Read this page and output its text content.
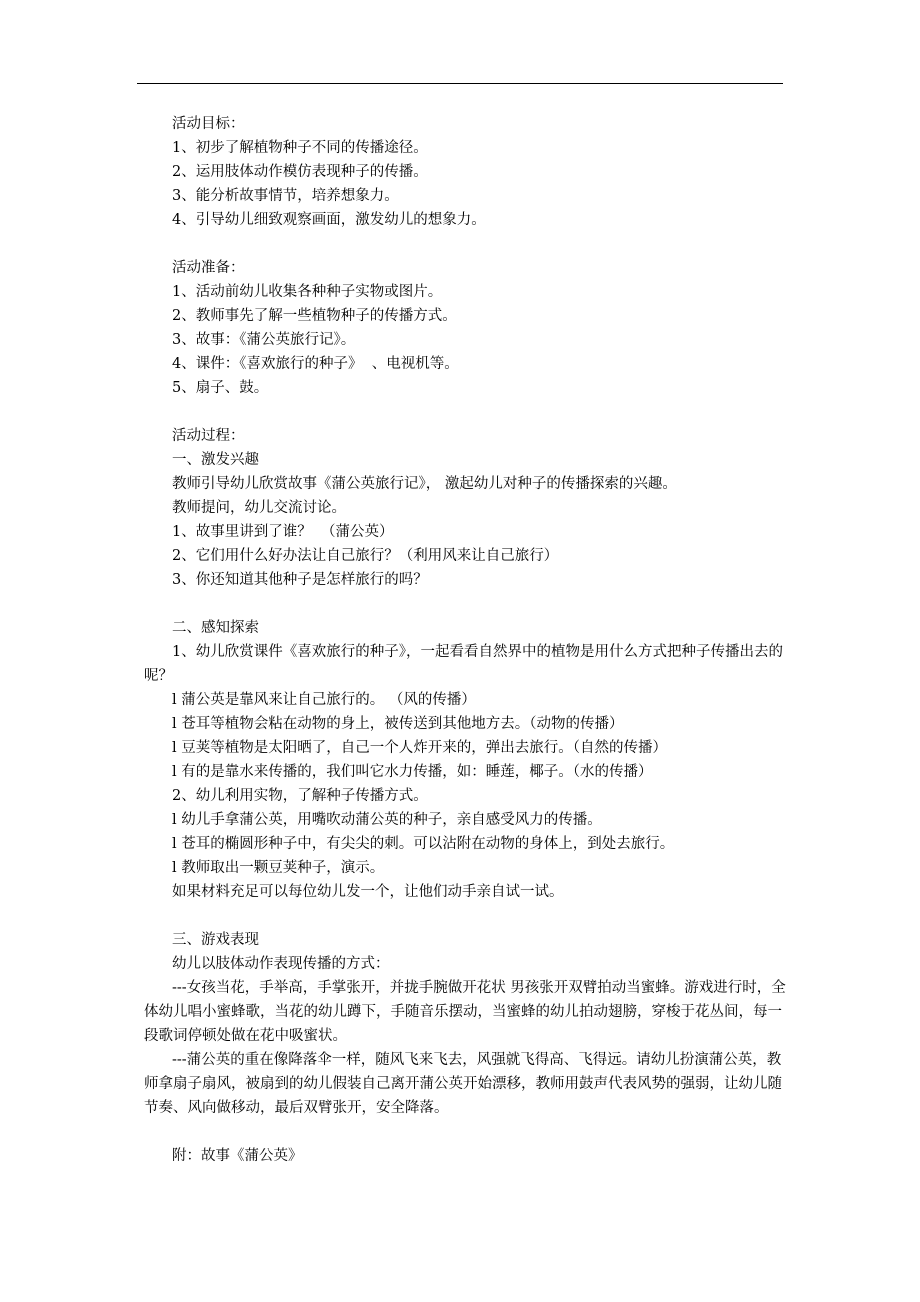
活动目标：

1、初步了解植物种子不同的传播途径。

2、运用肢体动作模仿表现种子的传播。

3、能分析故事情节，培养想象力。

4、引导幼儿细致观察画面，激发幼儿的想象力。

活动准备：

1、活动前幼儿收集各种种子实物或图片。

2、教师事先了解一些植物种子的传播方式。

3、故事：《蒲公英旅行记》。

4、课件：《喜欢旅行的种子》  、电视机等。

5、扇子、鼓。

活动过程：

一、激发兴趣

教师引导幼儿欣赏故事《蒲公英旅行记》， 激起幼儿对种子的传播探索的兴趣。

教师提问，幼儿交流讨论。

1、故事里讲到了谁？  （蒲公英）

2、它们用什么好办法让自己旅行？（利用风来让自己旅行）

3、你还知道其他种子是怎样旅行的吗？

二、感知探索

1、幼儿欣赏课件《喜欢旅行的种子》，一起看看自然界中的植物是用什么方式把种子传播出去的呢？

l 蒲公英是靠风来让自己旅行的。 （风的传播）

l 苍耳等植物会粘在动物的身上，被传送到其他地方去。（动物的传播）

l 豆荚等植物是太阳晒了，自己一个人炸开来的，弹出去旅行。（自然的传播）

l 有的是靠水来传播的，我们叫它水力传播，如：睡莲，椰子。（水的传播）

2、幼儿利用实物，了解种子传播方式。

l 幼儿手拿蒲公英，用嘴吹动蒲公英的种子，亲自感受风力的传播。

l 苍耳的椭圆形种子中，有尖尖的刺。可以沾附在动物的身体上，到处去旅行。

l 教师取出一颗豆荚种子，演示。

如果材料充足可以每位幼儿发一个，让他们动手亲自试一试。

三、游戏表现

幼儿以肢体动作表现传播的方式：

---女孩当花，手举高，手掌张开，并拢手腕做开花状 男孩张开双臂拍动当蜜蜂。游戏进行时，全体幼儿唱小蜜蜂歌，当花的幼儿蹲下，手随音乐摆动，当蜜蜂的幼儿拍动翅膀，穿梭于花丛间，每一段歌词停顿处做在花中吸蜜状。

---蒲公英的重在像降落伞一样，随风飞来飞去，风强就飞得高、飞得远。请幼儿扮演蒲公英，教师拿扇子扇风，被扇到的幼儿假装自己离开蒲公英开始漂移，教师用鼓声代表风势的强弱，让幼儿随节奏、风向做移动，最后双臂张开，安全降落。

附：故事《蒲公英》
